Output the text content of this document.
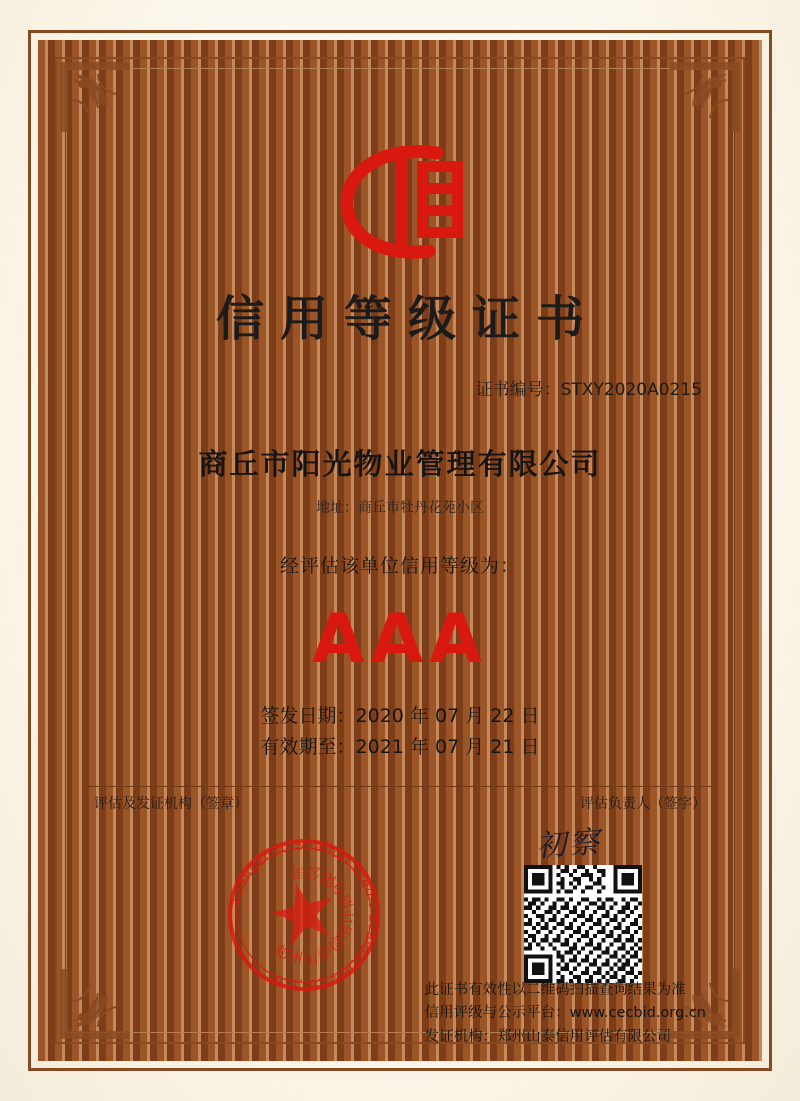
信用等级证书
证书编号：STXY2020A0215
商丘市阳光物业管理有限公司
地址：商丘市牡丹花苑小区
经评估该单位信用等级为：
AAA
签发日期：2020 年 07 月 22 日
有效期至：2021 年 07 月 21 日
评估及发证机构（签章）	评估负责人（签字）
Zhengzhou Shantai Credit Evaluation Co.,Ltd
郑州山泰信用评估有限公司
初察
此证书有效性以二维码扫描查询结果为准
信用评级与公示平台：www.cecbid.org.cn
发证机构：郑州山泰信用评估有限公司
